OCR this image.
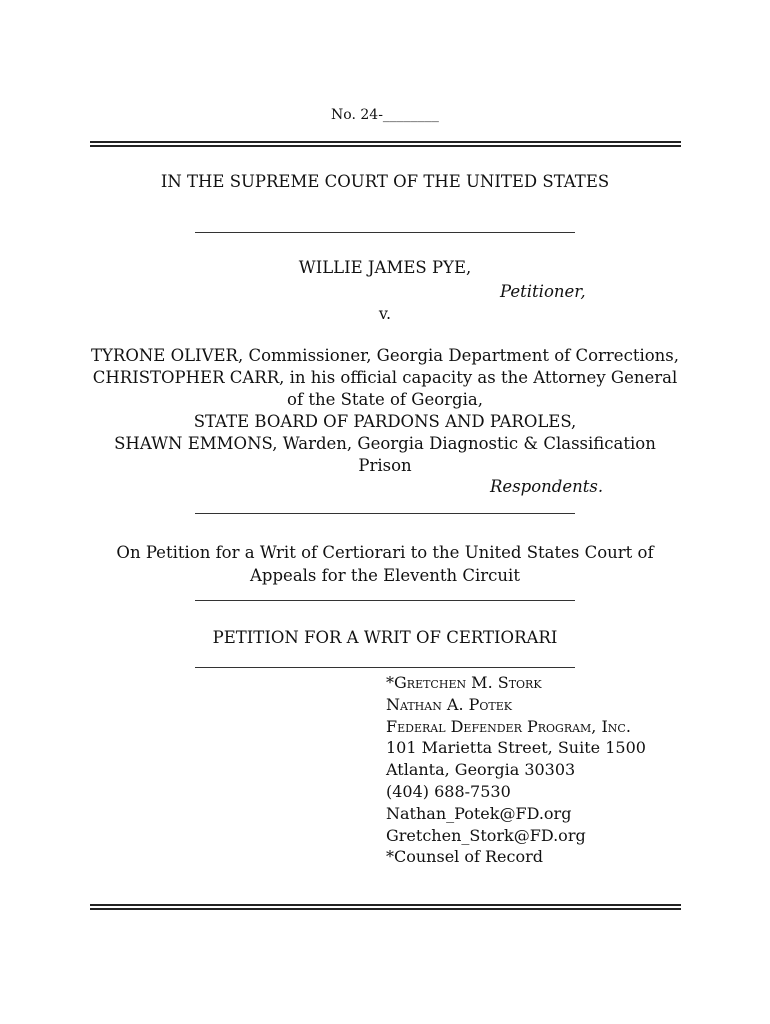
No. 24-________
IN THE SUPREME COURT OF THE UNITED STATES
WILLIE JAMES PYE,
Petitioner,
v.
TYRONE OLIVER, Commissioner, Georgia Department of Corrections,
CHRISTOPHER CARR, in his official capacity as the Attorney General
of the State of Georgia,
STATE BOARD OF PARDONS AND PAROLES,
SHAWN EMMONS, Warden, Georgia Diagnostic & Classification
Prison
Respondents.
On Petition for a Writ of Certiorari to the United States Court of
Appeals for the Eleventh Circuit
PETITION FOR A WRIT OF CERTIORARI
*Gretchen M. Stork
Nathan A. Potek
Federal Defender Program, Inc.
101 Marietta Street, Suite 1500
Atlanta, Georgia 30303
(404) 688-7530
Nathan_Potek@FD.org
Gretchen_Stork@FD.org
*Counsel of Record
